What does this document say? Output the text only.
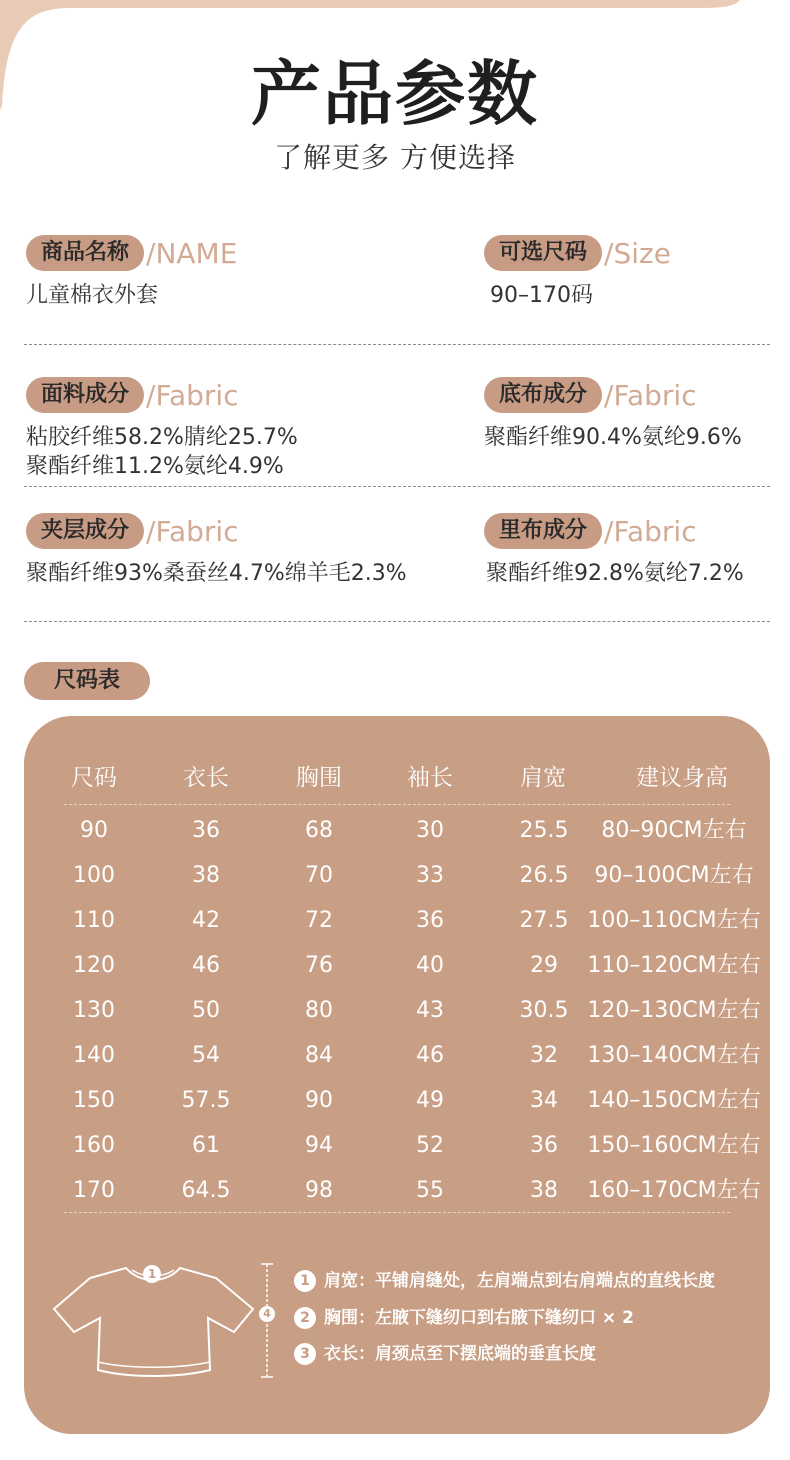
产品参数
了解更多 方便选择
商品名称 /NAME
儿童棉衣外套
可选尺码 /Size
90–170码
面料成分 /Fabric
粘胶纤维58.2%腈纶25.7%
聚酯纤维11.2%氨纶4.9%
底布成分 /Fabric
聚酯纤维90.4%氨纶9.6%
夹层成分 /Fabric
聚酯纤维93%桑蚕丝4.7%绵羊毛2.3%
里布成分 /Fabric
聚酯纤维92.8%氨纶7.2%
尺码表
尺码	衣长	胸围	袖长	肩宽	建议身高
90	36	68	30	25.5	80–90CM左右
100	38	70	33	26.5	90–100CM左右
110	42	72	36	27.5 100–110CM左右
120	46	76	40	29	110–120CM左右
130	50	80	43	30.5 120–130CM左右
140	54	84	46	32	130–140CM左右
150	57.5	90	49	34	140–150CM左右
160	61	94	52	36	150–160CM左右
170	64.5	98	55	38	160–170CM左右
1
4
1 肩宽：平铺肩缝处，左肩端点到右肩端点的直线长度
2 胸围：左腋下缝纫口到右腋下缝纫口 × 2
3 衣长：肩颈点至下摆底端的垂直长度
